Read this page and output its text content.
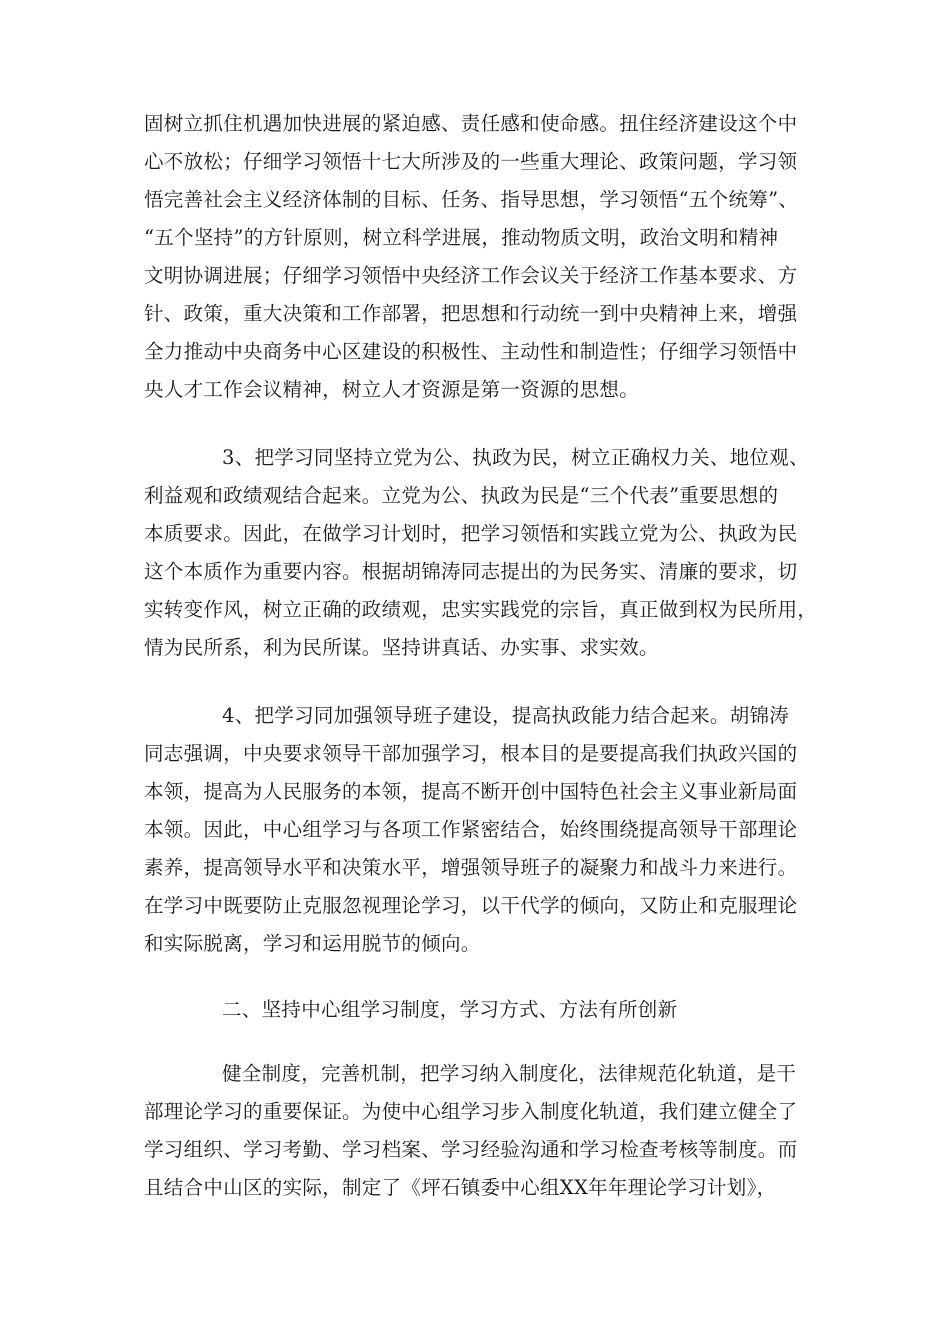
固树立抓住机遇加快进展的紧迫感、责任感和使命感。扭住经济建设这个中
心不放松；仔细学习领悟十七大所涉及的一些重大理论、政策问题，学习领
悟完善社会主义经济体制的目标、任务、指导思想，学习领悟“五个统筹”、
“五个坚持”的方针原则，树立科学进展，推动物质文明，政治文明和精神
文明协调进展；仔细学习领悟中央经济工作会议关于经济工作基本要求、方
针、政策，重大决策和工作部署，把思想和行动统一到中央精神上来，增强
全力推动中央商务中心区建设的积极性、主动性和制造性；仔细学习领悟中
央人才工作会议精神，树立人才资源是第一资源的思想。
3、把学习同坚持立党为公、执政为民，树立正确权力关、地位观、
利益观和政绩观结合起来。立党为公、执政为民是“三个代表”重要思想的
本质要求。因此，在做学习计划时，把学习领悟和实践立党为公、执政为民
这个本质作为重要内容。根据胡锦涛同志提出的为民务实、清廉的要求，切
实转变作风，树立正确的政绩观，忠实实践党的宗旨，真正做到权为民所用，
情为民所系，利为民所谋。坚持讲真话、办实事、求实效。
4、把学习同加强领导班子建设，提高执政能力结合起来。胡锦涛
同志强调，中央要求领导干部加强学习，根本目的是要提高我们执政兴国的
本领，提高为人民服务的本领，提高不断开创中国特色社会主义事业新局面
本领。因此，中心组学习与各项工作紧密结合，始终围绕提高领导干部理论
素养，提高领导水平和决策水平，增强领导班子的凝聚力和战斗力来进行。
在学习中既要防止克服忽视理论学习，以干代学的倾向，又防止和克服理论
和实际脱离，学习和运用脱节的倾向。
二、坚持中心组学习制度，学习方式、方法有所创新
健全制度，完善机制，把学习纳入制度化，法律规范化轨道，是干
部理论学习的重要保证。为使中心组学习步入制度化轨道，我们建立健全了
学习组织、学习考勤、学习档案、学习经验沟通和学习检查考核等制度。而
且结合中山区的实际，制定了《坪石镇委中心组XX年年理论学习计划》，
